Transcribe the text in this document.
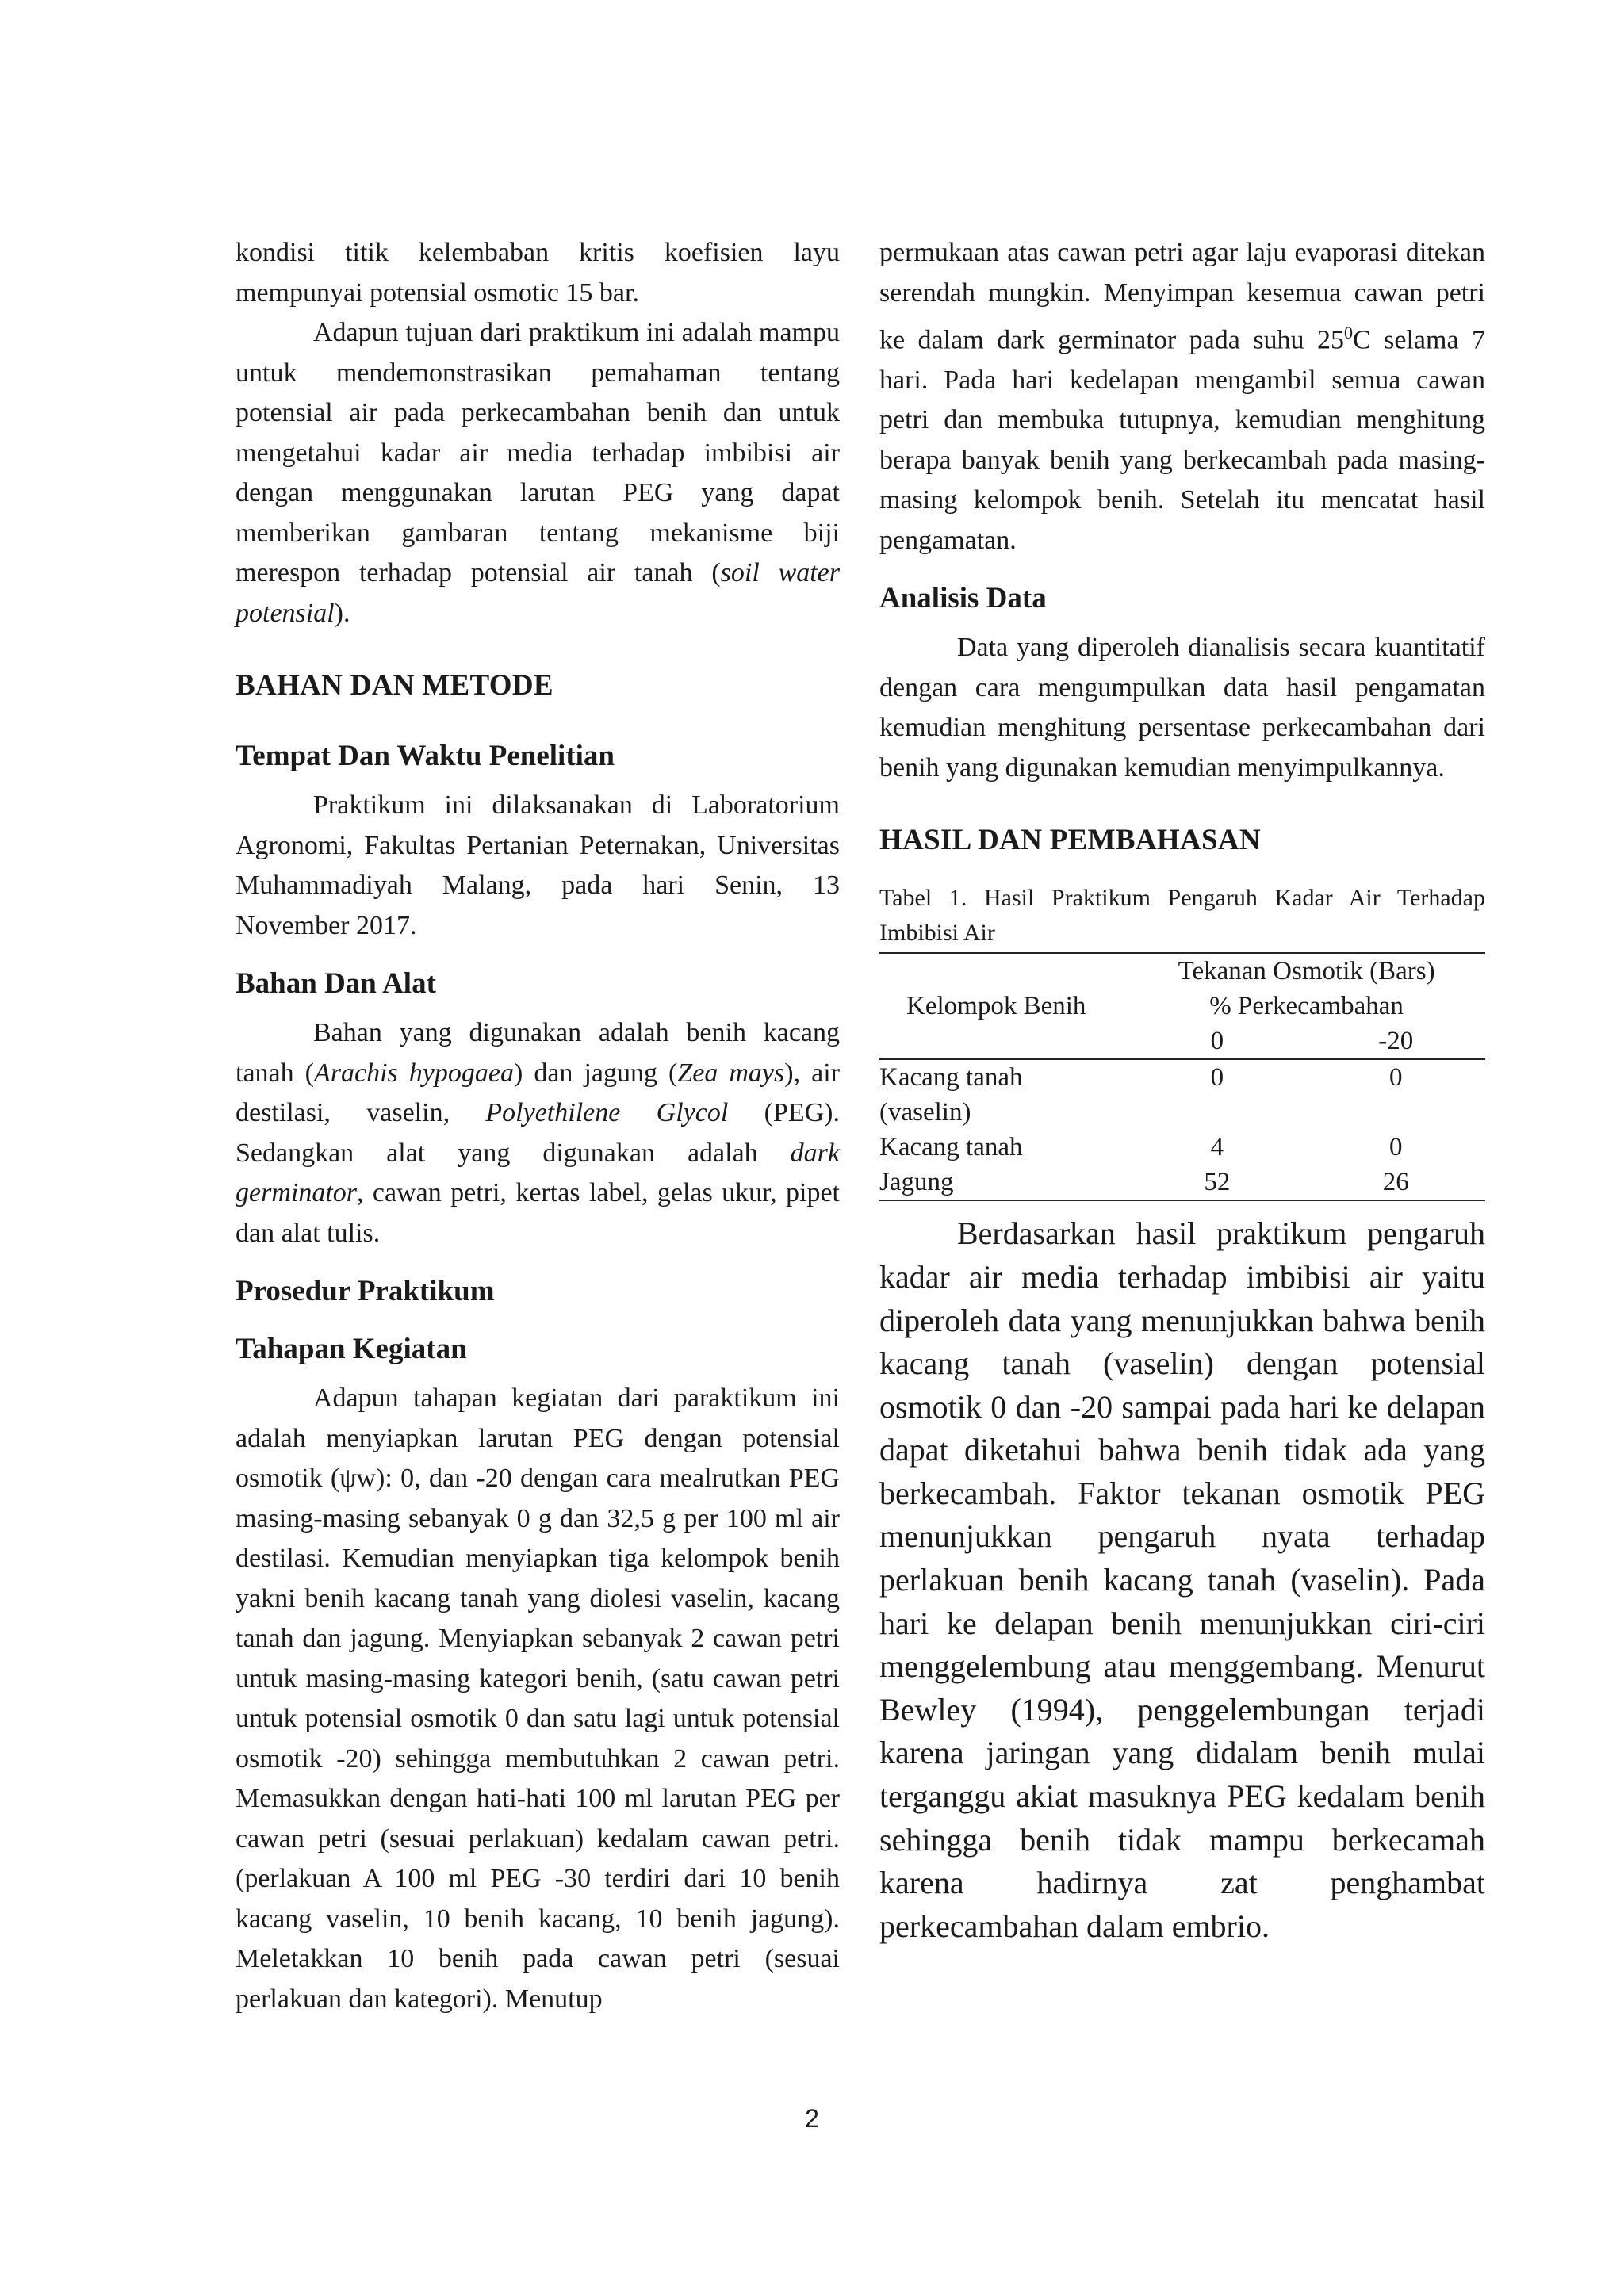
kondisi titik kelembaban kritis koefisien layu mempunyai potensial osmotic 15 bar.

Adapun tujuan dari praktikum ini adalah mampu untuk mendemonstrasikan pemahaman tentang potensial air pada perkecambahan benih dan untuk mengetahui kadar air media terhadap imbibisi air dengan menggunakan larutan PEG yang dapat memberikan gambaran tentang mekanisme biji merespon terhadap potensial air tanah (soil water potensial).

BAHAN DAN METODE
Tempat Dan Waktu Penelitian

Praktikum ini dilaksanakan di Laboratorium Agronomi, Fakultas Pertanian Peternakan, Universitas Muhammadiyah Malang, pada hari Senin, 13 November 2017.

Bahan Dan Alat

Bahan yang digunakan adalah benih kacang tanah (Arachis hypogaea) dan jagung (Zea mays), air destilasi, vaselin, Polyethilene Glycol (PEG). Sedangkan alat yang digunakan adalah dark germinator, cawan petri, kertas label, gelas ukur, pipet dan alat tulis.

Prosedur Praktikum
Tahapan Kegiatan

Adapun tahapan kegiatan dari paraktikum ini adalah menyiapkan larutan PEG dengan potensial osmotik (ψw): 0, dan -20 dengan cara mealrutkan PEG masing-masing sebanyak 0 g dan 32,5 g per 100 ml air destilasi. Kemudian menyiapkan tiga kelompok benih yakni benih kacang tanah yang diolesi vaselin, kacang tanah dan jagung. Menyiapkan sebanyak 2 cawan petri untuk masing-masing kategori benih, (satu cawan petri untuk potensial osmotik 0 dan satu lagi untuk potensial osmotik -20) sehingga membutuhkan 2 cawan petri. Memasukkan dengan hati-hati 100 ml larutan PEG per cawan petri (sesuai perlakuan) kedalam cawan petri. (perlakuan A 100 ml PEG -30 terdiri dari 10 benih kacang vaselin, 10 benih kacang, 10 benih jagung). Meletakkan 10 benih pada cawan petri (sesuai perlakuan dan kategori). Menutup

permukaan atas cawan petri agar laju evaporasi ditekan serendah mungkin. Menyimpan kesemua cawan petri ke dalam dark germinator pada suhu $25^0C$ selama 7 hari. Pada hari kedelapan mengambil semua cawan petri dan membuka tutupnya, kemudian menghitung berapa banyak benih yang berkecambah pada masing-masing kelompok benih. Setelah itu mencatat hasil pengamatan.

Analisis Data

Data yang diperoleh dianalisis secara kuantitatif dengan cara mengumpulkan data hasil pengamatan kemudian menghitung persentase perkecambahan dari benih yang digunakan kemudian menyimpulkannya.

HASIL DAN PEMBAHASAN

Tabel 1. Hasil Praktikum Pengaruh Kadar Air Terhadap Imbibisi Air

Kelompok Benih	Tekanan Osmotik (Bars)	
	% Perkecambahan	
	0	-20
Kacang tanah	0	0
(vaselin)		
Kacang tanah	4	0
Jagung	52	26

Berdasarkan hasil praktikum pengaruh kadar air media terhadap imbibisi air yaitu diperoleh data yang menunjukkan bahwa benih kacang tanah (vaselin) dengan potensial osmotik 0 dan -20 sampai pada hari ke delapan dapat diketahui bahwa benih tidak ada yang berkecambah. Faktor tekanan osmotik PEG menunjukkan pengaruh nyata terhadap perlakuan benih kacang tanah (vaselin). Pada hari ke delapan benih menunjukkan ciri-ciri menggelembung atau menggembang. Menurut Bewley (1994), penggelembungan terjadi karena jaringan yang didalam benih mulai terganggu akiat masuknya PEG kedalam benih sehingga benih tidak mampu berkecamah karena hadirnya zat penghambat perkecambahan dalam embrio.

2
